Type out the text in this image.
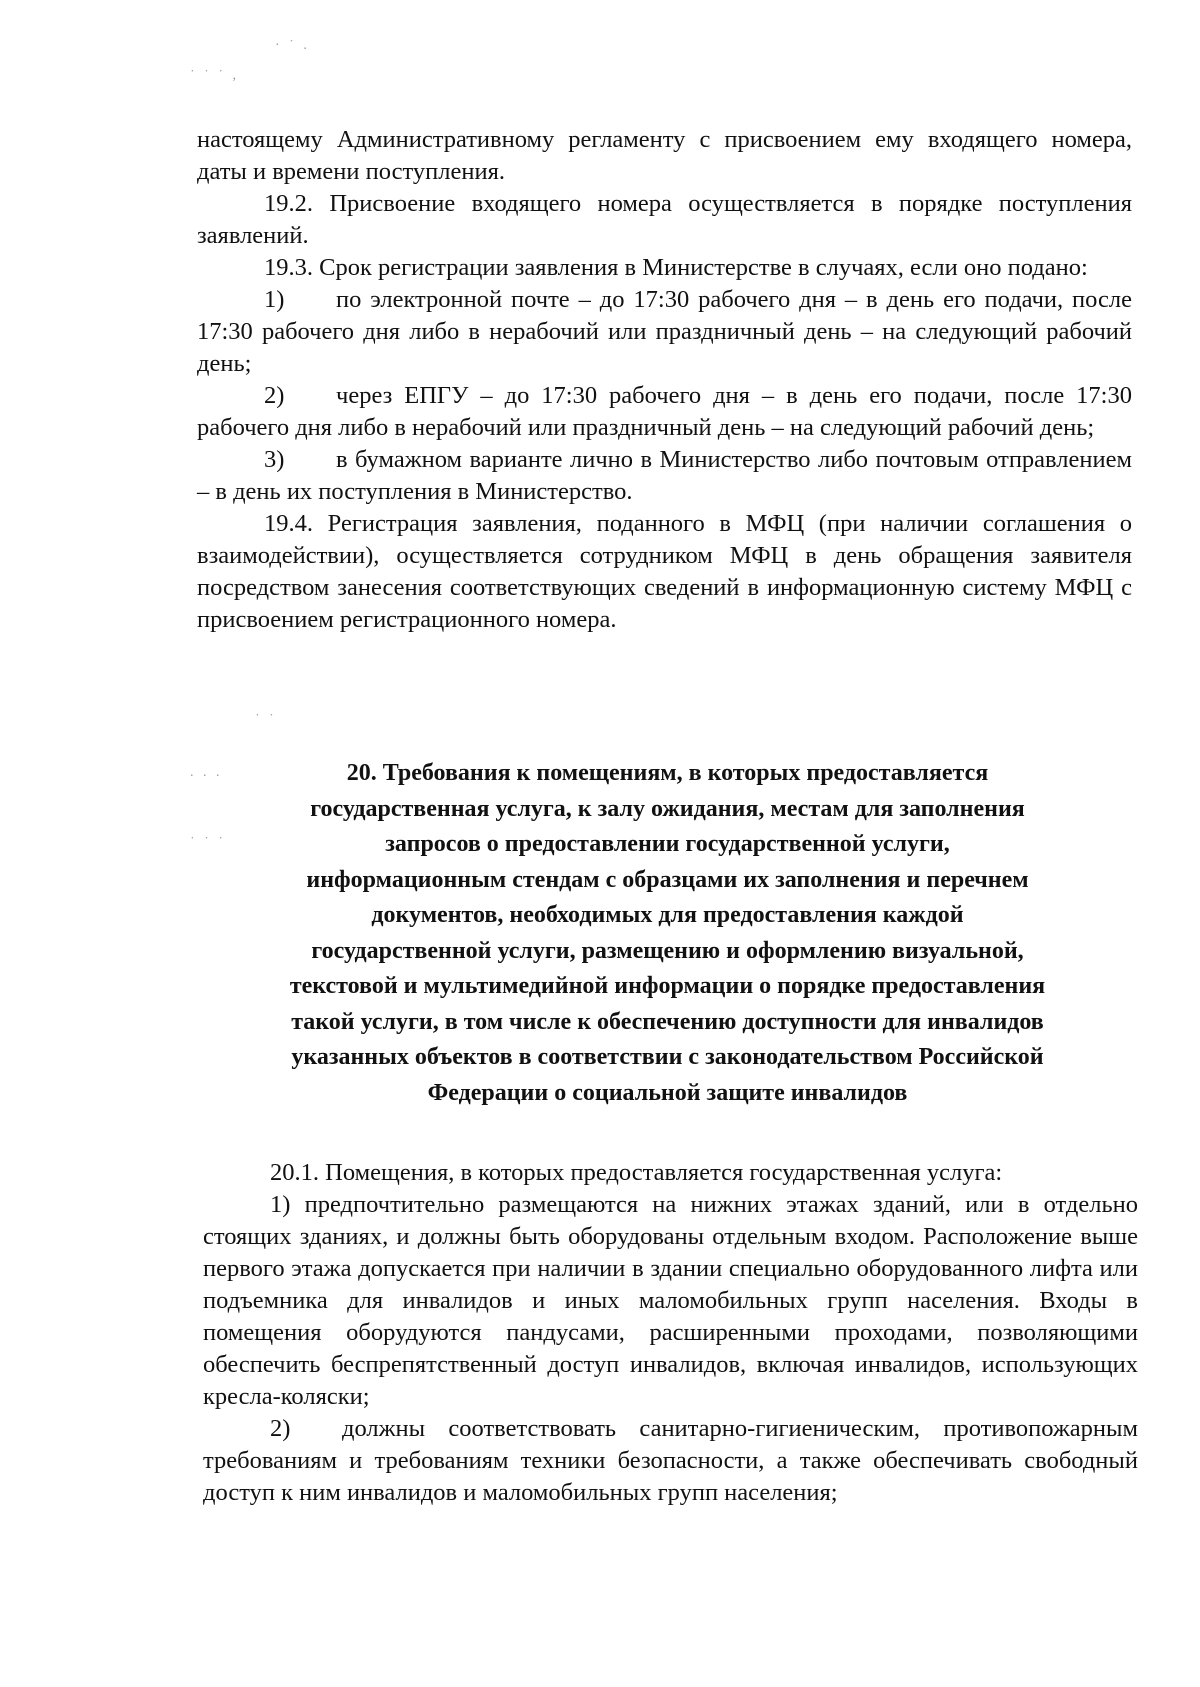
· ˙ .
˙ ˙ ˙ ,
˙ ˙
. . .
˙ ˙ ˙

настоящему Административному регламенту с присвоением ему входящего номера, даты и времени поступления.

19.2. Присвоение входящего номера осуществляется в порядке поступления заявлений.

19.3. Срок регистрации заявления в Министерстве в случаях, если оно подано:

1) по электронной почте – до 17:30 рабочего дня – в день его подачи, после 17:30 рабочего дня либо в нерабочий или праздничный день – на следующий рабочий день;

2) через ЕПГУ – до 17:30 рабочего дня – в день его подачи, после 17:30 рабочего дня либо в нерабочий или праздничный день – на следующий рабочий день;

3) в бумажном варианте лично в Министерство либо почтовым отправлением – в день их поступления в Министерство.

19.4. Регистрация заявления, поданного в МФЦ (при наличии соглашения о взаимодействии), осуществляется сотрудником МФЦ в день обращения заявителя посредством занесения соответствующих сведений в информационную систему МФЦ с присвоением регистрационного номера.

20. Требования к помещениям, в которых предоставляется
государственная услуга, к залу ожидания, местам для заполнения
запросов о предоставлении государственной услуги,
информационным стендам с образцами их заполнения и перечнем
документов, необходимых для предоставления каждой
государственной услуги, размещению и оформлению визуальной,
текстовой и мультимедийной информации о порядке предоставления
такой услуги, в том числе к обеспечению доступности для инвалидов
указанных объектов в соответствии с законодательством Российской
Федерации о социальной защите инвалидов

20.1. Помещения, в которых предоставляется государственная услуга:

1) предпочтительно размещаются на нижних этажах зданий, или в отдельно стоящих зданиях, и должны быть оборудованы отдельным входом. Расположение выше первого этажа допускается при наличии в здании специально оборудованного лифта или подъемника для инвалидов и иных маломобильных групп населения. Входы в помещения оборудуются пандусами, расширенными проходами, позволяющими обеспечить беспрепятственный доступ инвалидов, включая инвалидов, использующих кресла-коляски;

2) должны соответствовать санитарно-гигиеническим, противопожарным требованиям и требованиям техники безопасности, а также обеспечивать свободный доступ к ним инвалидов и маломобильных групп населения;
